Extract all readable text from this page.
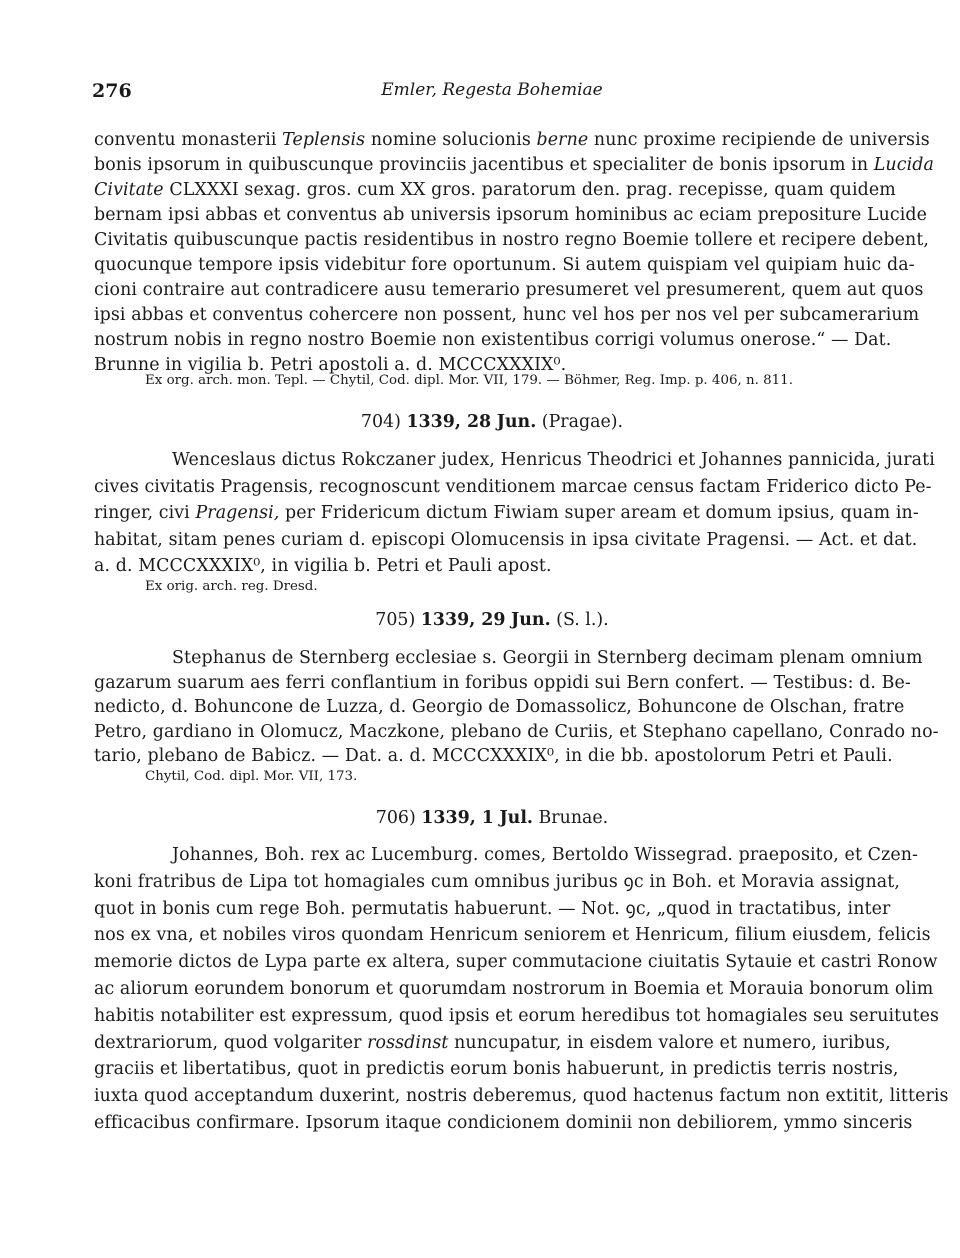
276	Emler, Regesta Bohemiae
conventu monasterii Teplensis nomine solucionis berne nunc proxime recipiende de universis
bonis ipsorum in quibuscunque provinciis jacentibus et specialiter de bonis ipsorum in Lucida
Civitate CLXXXI sexag. gros. cum XX gros. paratorum den. prag. recepisse, quam quidem
bernam ipsi abbas et conventus ab universis ipsorum hominibus ac eciam prepositure Lucide
Civitatis quibuscunque pactis residentibus in nostro regno Boemie tollere et recipere debent,
quocunque tempore ipsis videbitur fore oportunum. Si autem quispiam vel quipiam huic da-
cioni contraire aut contradicere ausu temerario presumeret vel presumerent, quem aut quos
ipsi abbas et conventus cohercere non possent, hunc vel hos per nos vel per subcamerarium
nostrum nobis in regno nostro Boemie non existentibus corrigi volumus onerose.“ — Dat.
Brunne in vigilia b. Petri apostoli a. d. MCCCXXXIX⁰.
Ex org. arch. mon. Tepl. — Chytil, Cod. dipl. Mor. VII, 179. — Böhmer, Reg. Imp. p. 406, n. 811.
704) 1339, 28 Jun. (Pragae).
Wenceslaus dictus Rokczaner judex, Henricus Theodrici et Johannes pannicida, jurati
cives civitatis Pragensis, recognoscunt venditionem marcae census factam Friderico dicto Pe-
ringer, civi Pragensi, per Fridericum dictum Fiwiam super aream et domum ipsius, quam in-
habitat, sitam penes curiam d. episcopi Olomucensis in ipsa civitate Pragensi. — Act. et dat.
a. d. MCCCXXXIX⁰, in vigilia b. Petri et Pauli apost.
Ex orig. arch. reg. Dresd.
705) 1339, 29 Jun. (S. l.).
Stephanus de Sternberg ecclesiae s. Georgii in Sternberg decimam plenam omnium
gazarum suarum aes ferri conflantium in foribus oppidi sui Bern confert. — Testibus: d. Be-
nedicto, d. Bohuncone de Luzza, d. Georgio de Domassolicz, Bohuncone de Olschan, fratre
Petro, gardiano in Olomucz, Maczkone, plebano de Curiis, et Stephano capellano, Conrado no-
tario, plebano de Babicz. — Dat. a. d. MCCCXXXIX⁰, in die bb. apostolorum Petri et Pauli.
Chytil, Cod. dipl. Mor. VII, 173.
706) 1339, 1 Jul. Brunae.
Johannes, Boh. rex ac Lucemburg. comes, Bertoldo Wissegrad. praeposito, et Czen-
koni fratribus de Lipa tot homagiales cum omnibus juribus ꝯc in Boh. et Moravia assignat,
quot in bonis cum rege Boh. permutatis habuerunt. — Not. ꝯc, „quod in tractatibus, inter
nos ex vna, et nobiles viros quondam Henricum seniorem et Henricum, filium eiusdem, felicis
memorie dictos de Lypa parte ex altera, super commutacione ciuitatis Sytauie et castri Ronow
ac aliorum eorundem bonorum et quorumdam nostrorum in Boemia et Morauia bonorum olim
habitis notabiliter est expressum, quod ipsis et eorum heredibus tot homagiales seu seruitutes
dextrariorum, quod volgariter rossdinst nuncupatur, in eisdem valore et numero, iuribus,
graciis et libertatibus, quot in predictis eorum bonis habuerunt, in predictis terris nostris,
iuxta quod acceptandum duxerint, nostris deberemus, quod hactenus factum non extitit, litteris
efficacibus confirmare. Ipsorum itaque condicionem dominii non debiliorem, ymmo sinceris
